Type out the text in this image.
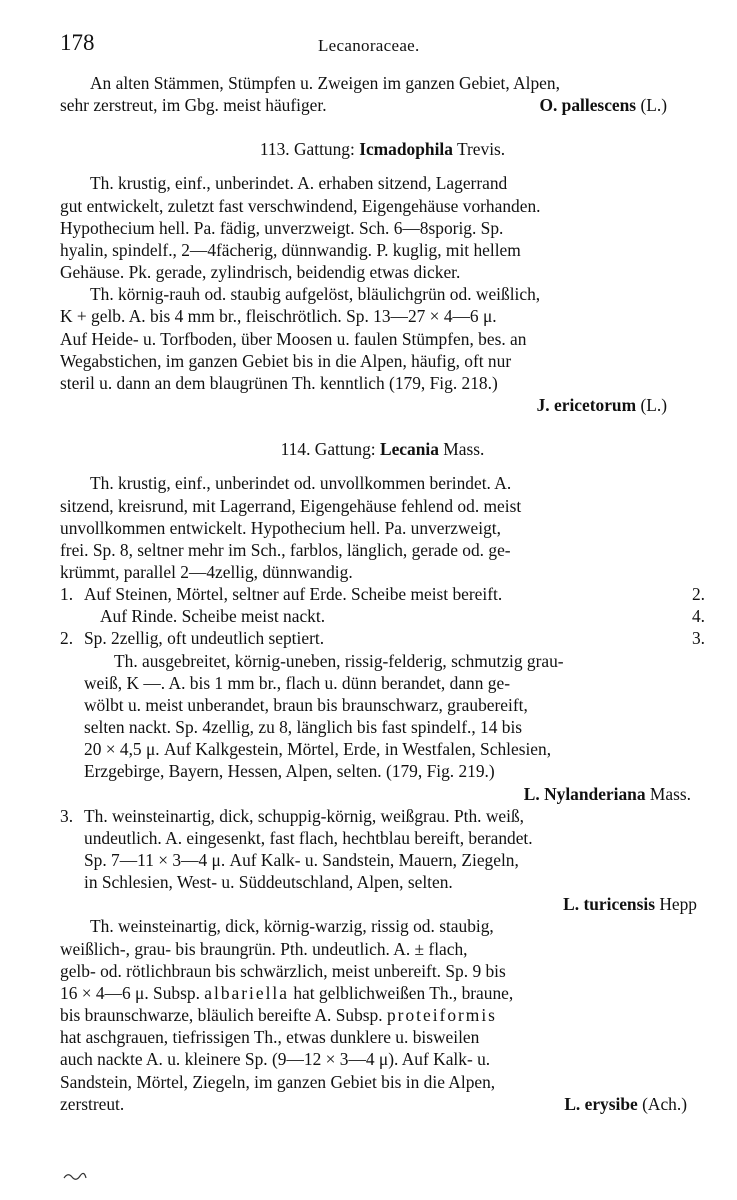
178	Lecanoraceae.

An alten Stämmen, Stümpfen u. Zweigen im ganzen Gebiet, Alpen,

sehr zerstreut, im Gbg. meist häufiger.	O. pallescens (L.)

113. Gattung: Icmadophila Trevis.

Th. krustig, einf., unberindet. A. erhaben sitzend, Lagerrand

gut entwickelt, zuletzt fast verschwindend, Eigengehäuse vorhanden.

Hypothecium hell. Pa. fädig, unverzweigt. Sch. 6—8sporig. Sp.

hyalin, spindelf., 2—4fächerig, dünnwandig. P. kuglig, mit hellem

Gehäuse. Pk. gerade, zylindrisch, beidendig etwas dicker.

Th. körnig-rauh od. staubig aufgelöst, bläulichgrün od. weißlich,

K + gelb. A. bis 4 mm br., fleischrötlich. Sp. 13—27 × 4—6 μ.

Auf Heide- u. Torfboden, über Moosen u. faulen Stümpfen, bes. an

Wegabstichen, im ganzen Gebiet bis in die Alpen, häufig, oft nur

steril u. dann an dem blaugrünen Th. kenntlich (179, Fig. 218.)

J. ericetorum (L.)

114. Gattung: Lecania Mass.

Th. krustig, einf., unberindet od. unvollkommen berindet. A.

sitzend, kreisrund, mit Lagerrand, Eigengehäuse fehlend od. meist

unvollkommen entwickelt. Hypothecium hell. Pa. unverzweigt,

frei. Sp. 8, seltner mehr im Sch., farblos, länglich, gerade od. ge-

krümmt, parallel 2—4zellig, dünnwandig.

1. Auf Steinen, Mörtel, seltner auf Erde. Scheibe meist bereift.	2.
Auf Rinde. Scheibe meist nackt.	4.
2. Sp. 2zellig, oft undeutlich septiert.	3.

Th. ausgebreitet, körnig-uneben, rissig-felderig, schmutzig grau-

weiß, K —. A. bis 1 mm br., flach u. dünn berandet, dann ge-

wölbt u. meist unberandet, braun bis braunschwarz, graubereift,

selten nackt. Sp. 4zellig, zu 8, länglich bis fast spindelf., 14 bis

20 × 4,5 μ. Auf Kalkgestein, Mörtel, Erde, in Westfalen, Schlesien,

Erzgebirge, Bayern, Hessen, Alpen, selten. (179, Fig. 219.)

L. Nylanderiana Mass.

3. Th. weinsteinartig, dick, schuppig-körnig, weißgrau. Pth. weiß,

undeutlich. A. eingesenkt, fast flach, hechtblau bereift, berandet.

Sp. 7—11 × 3—4 μ. Auf Kalk- u. Sandstein, Mauern, Ziegeln,

in Schlesien, West- u. Süddeutschland, Alpen, selten.

L. turicensis Hepp

Th. weinsteinartig, dick, körnig-warzig, rissig od. staubig,

weißlich-, grau- bis braungrün. Pth. undeutlich. A. ± flach,

gelb- od. rötlichbraun bis schwärzlich, meist unbereift. Sp. 9 bis

16 × 4—6 μ. Subsp. albariella hat gelblichweißen Th., braune,

bis braunschwarze, bläulich bereifte A. Subsp. proteiformis

hat aschgrauen, tiefrissigen Th., etwas dunklere u. bisweilen

auch nackte A. u. kleinere Sp. (9—12 × 3—4 μ). Auf Kalk- u.

Sandstein, Mörtel, Ziegeln, im ganzen Gebiet bis in die Alpen,

zerstreut.	L. erysibe (Ach.)
